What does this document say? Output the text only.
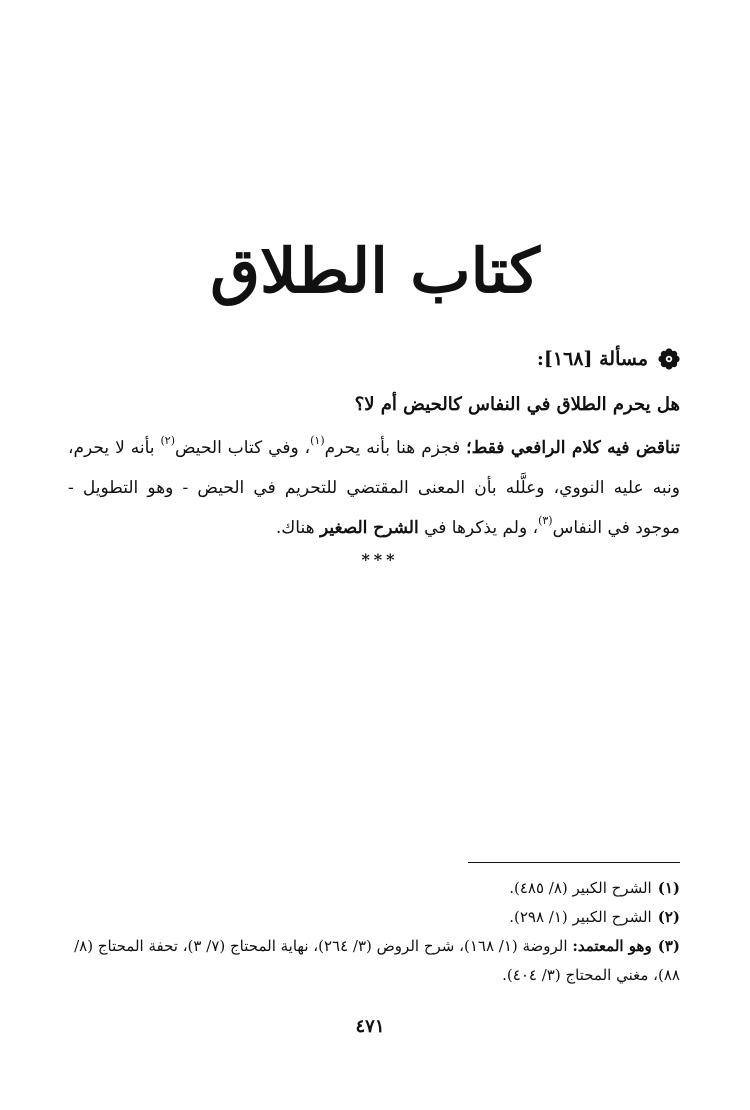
كتاب الطلاق
مسألة [١٦٨]:
هل يحرم الطلاق في النفاس كالحيض أم لا؟
تناقض فيه كلام الرافعي فقط؛ فجزم هنا بأنه يحرم$^{(١)}$، وفي كتاب الحيض$^{(٢)}$ بأنه لا يحرم، ونبه عليه النووي، وعلَّله بأن المعنى المقتضي للتحريم في الحيض - وهو التطويل - موجود في النفاس$^{(٣)}$، ولم يذكرها في الشرح الصغير هناك.
***

(١)الشرح الكبير (٨/ ٤٨٥).

(٢)الشرح الكبير (١/ ٢٩٨).

(٣)وهو المعتمد: الروضة (١/ ١٦٨)، شرح الروض (٣/ ٢٦٤)، نهاية المحتاج (٧/ ٣)، تحفة المحتاج (٨/ ٨٨)، مغني المحتاج (٣/ ٤٠٤).

٤٧١
